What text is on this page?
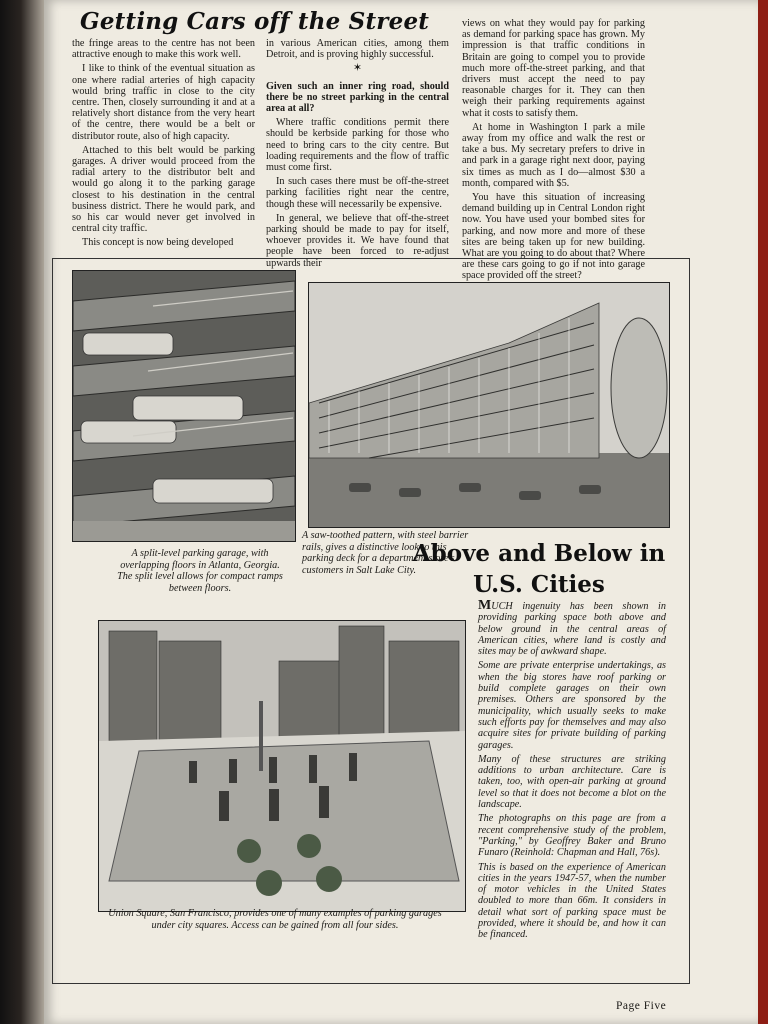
Getting Cars off the Street

the fringe areas to the centre has not been attractive enough to make this work well.

I like to think of the eventual situation as one where radial arteries of high capacity would bring traffic in close to the city centre. Then, closely surrounding it and at a relatively short distance from the very heart of the centre, there would be a belt or distributor route, also of high capacity.

Attached to this belt would be parking garages. A driver would proceed from the radial artery to the distributor belt and would go along it to the parking garage closest to his destination in the central business district. There he would park, and so his car would never get involved in central city traffic.

This concept is now being developed

in various American cities, among them Detroit, and is proving highly successful.

✶

Given such an inner ring road, should there be no street parking in the central area at all?

Where traffic conditions permit there should be kerbside parking for those who need to bring cars to the city centre. But loading requirements and the flow of traffic must come first.

In such cases there must be off-the-street parking facilities right near the centre, though these will necessarily be expensive.

In general, we believe that off-the-street parking should be made to pay for itself, whoever provides it. We have found that people have been forced to re-adjust upwards their

views on what they would pay for parking as demand for parking space has grown. My impression is that traffic conditions in Britain are going to compel you to provide much more off-the-street parking, and that drivers must accept the need to pay reasonable charges for it. They can then weigh their parking requirements against what it costs to satisfy them.

At home in Washington I park a mile away from my office and walk the rest or take a bus. My secretary prefers to drive in and park in a garage right next door, paying six times as much as I do—almost $30 a month, compared with $5.

You have this situation of increasing demand building up in Central London right now. You have used your bombed sites for parking, and now more and more of these sites are being taken up for new building. What are you going to do about that? Where are these cars going to go if not into garage space provided off the street?

A split-level parking garage, with overlapping floors in Atlanta, Georgia. The split level allows for compact ramps between floors.
A saw-toothed pattern, with steel barrier rails, gives a distinctive look to this parking deck for a department store's customers in Salt Lake City.
Union Square, San Francisco, provides one of many examples of parking garages under city squares. Access can be gained from all four sides.
Above and Below in U.S. Cities

MUCH ingenuity has been shown in providing parking space both above and below ground in the central areas of American cities, where land is costly and sites may be of awkward shape.

Some are private enterprise undertakings, as when the big stores have roof parking or build complete garages on their own premises. Others are sponsored by the municipality, which usually seeks to make such efforts pay for themselves and may also acquire sites for private building of parking garages.

Many of these structures are striking additions to urban architecture. Care is taken, too, with open-air parking at ground level so that it does not become a blot on the landscape.

The photographs on this page are from a recent comprehensive study of the problem, "Parking," by Geoffrey Baker and Bruno Funaro (Reinhold: Chapman and Hall, 76s).

This is based on the experience of American cities in the years 1947-57, when the number of motor vehicles in the United States doubled to more than 66m. It considers in detail what sort of parking space must be provided, where it should be, and how it can be financed.

Page Five
